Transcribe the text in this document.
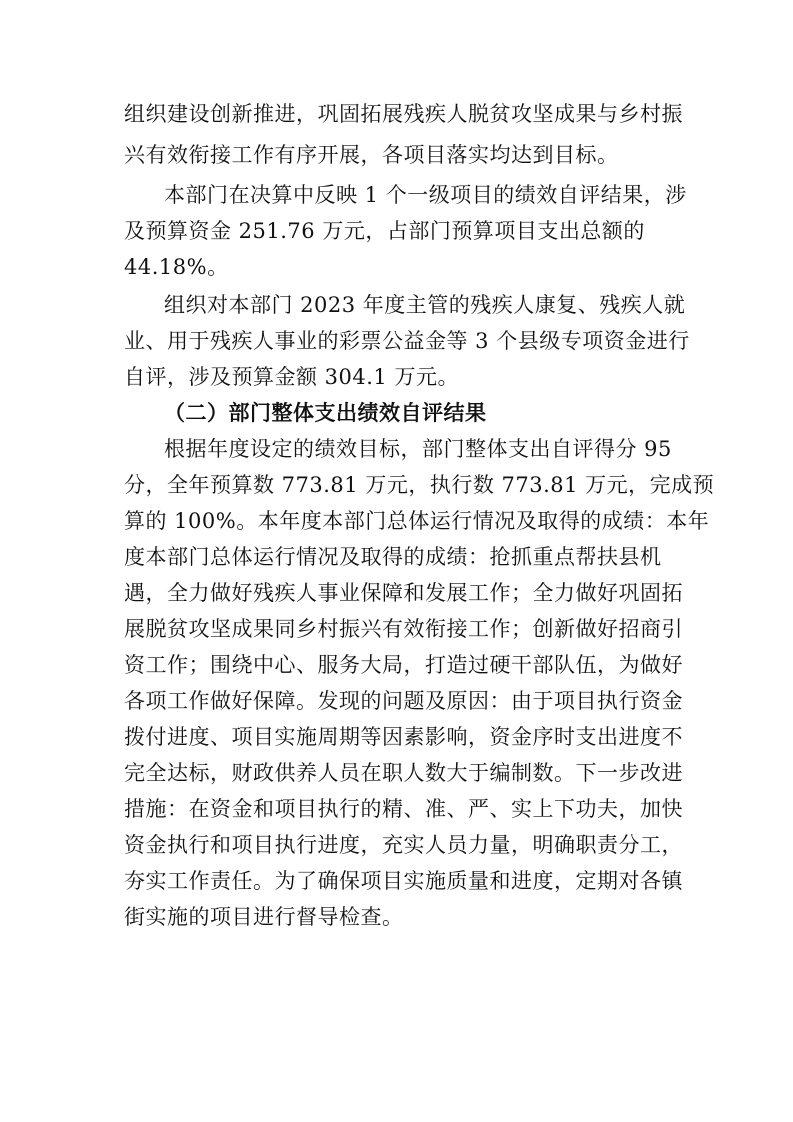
组织建设创新推进，巩固拓展残疾人脱贫攻坚成果与乡村振
兴有效衔接工作有序开展，各项目落实均达到目标。
本部门在决算中反映 1 个一级项目的绩效自评结果，涉
及预算资金 251.76 万元，占部门预算项目支出总额的
44.18%。
组织对本部门 2023 年度主管的残疾人康复、残疾人就
业、用于残疾人事业的彩票公益金等 3 个县级专项资金进行
自评，涉及预算金额 304.1 万元。
（二）部门整体支出绩效自评结果
根据年度设定的绩效目标，部门整体支出自评得分 95
分，全年预算数 773.81 万元，执行数 773.81 万元，完成预
算的 100%。本年度本部门总体运行情况及取得的成绩：本年
度本部门总体运行情况及取得的成绩：抢抓重点帮扶县机
遇，全力做好残疾人事业保障和发展工作；全力做好巩固拓
展脱贫攻坚成果同乡村振兴有效衔接工作；创新做好招商引
资工作；围绕中心、服务大局，打造过硬干部队伍，为做好
各项工作做好保障。发现的问题及原因：由于项目执行资金
拨付进度、项目实施周期等因素影响，资金序时支出进度不
完全达标，财政供养人员在职人数大于编制数。下一步改进
措施：在资金和项目执行的精、准、严、实上下功夫，加快
资金执行和项目执行进度，充实人员力量，明确职责分工，
夯实工作责任。为了确保项目实施质量和进度，定期对各镇
街实施的项目进行督导检查。
